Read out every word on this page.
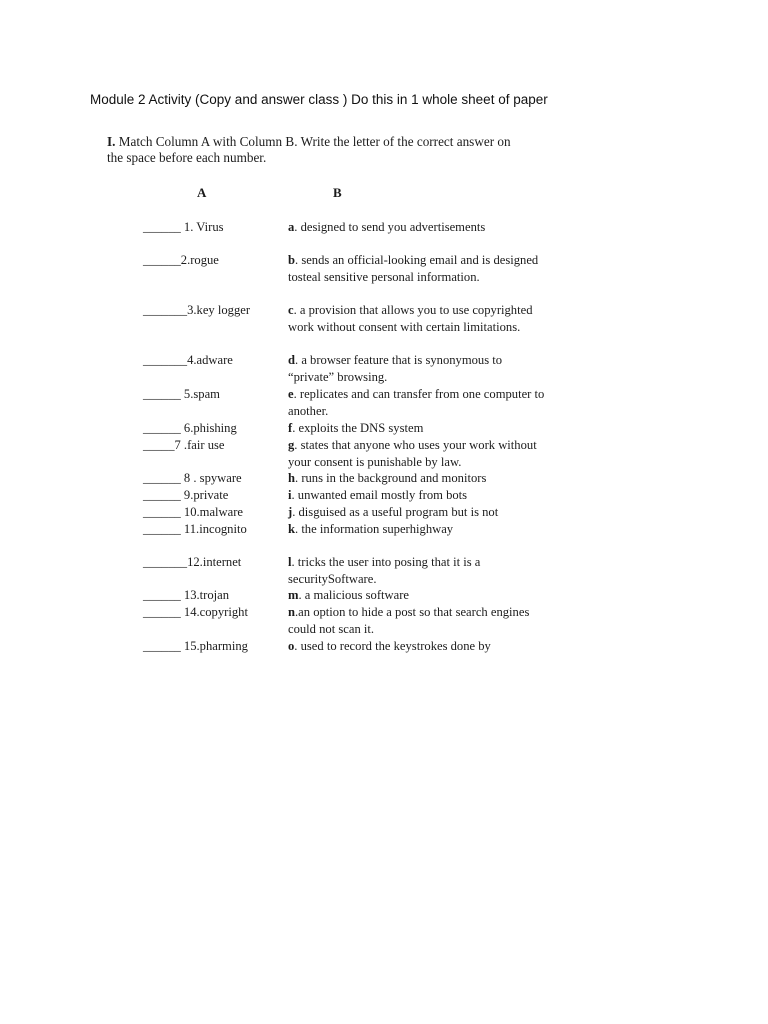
Module 2 Activity (Copy and answer class ) Do this in 1 whole sheet of paper
I. Match Column A with Column B. Write the letter of the correct answer on the space before each number.
A	B
______ 1. Virus	a. designed to send you advertisements
______2.rogue	b. sends an official-looking email and is designed tosteal sensitive personal information.
_______3.key logger	c. a provision that allows you to use copyrighted work without consent with certain limitations.
_______4.adware	d. a browser feature that is synonymous to “private” browsing.
______ 5.spam	e. replicates and can transfer from one computer to another.
______ 6.phishing	f. exploits the DNS system
_____7 .fair use	g. states that anyone who uses your work without your consent is punishable by law.
______ 8 . spyware	h. runs in the background and monitors
______ 9.private	i. unwanted email mostly from bots
______ 10.malware	j. disguised as a useful program but is not
______ 11.incognito	k. the information superhighway
_______12.internet	l. tricks the user into posing that it is a securitySoftware.
______ 13.trojan	m. a malicious software
______ 14.copyright	n.an option to hide a post so that search engines could not scan it.
______ 15.pharming	o. used to record the keystrokes done by
